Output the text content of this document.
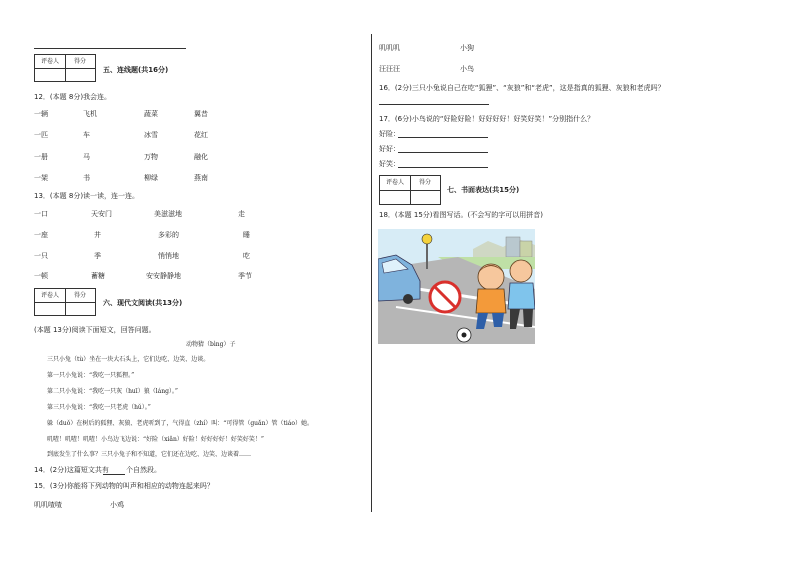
评卷人	得分
五、连线题(共16分)
12．(本题 8分)我会连。
一辆	飞机	蔬菜	翼昔
一匹	车	冰雪	花红
一册	马	万物	融化
一架	书	柳绿	燕南
13．(本题 8分)读一读，连一连。
一口	天安门	美滋滋地	走
一座	井	多彩的	睡
一只	季	悄悄地	吃
一顿	蓄糖	安安静静地	季节
评卷人	得分
六、现代文阅读(共13分)
(本题 13分)阅读下面短文，回答问题。
动物猜（bìng）子
三只小兔（tù）坐在一块大石头上，它们边吃、边笑、边谈。
第一只小兔说：“我吃一只狐狸。”
第二只小兔说：“我吃一只灰（huī）狼（láng）。”
第三只小兔说：“我吃一只老虎（hǔ）。”
躲（duǒ）在树后的狐狸、灰狼、老虎听到了，气得直（zhí）叫：“可得管（guǎn）管（tiáo）她。
叽喳！叽喳！叽喳！小鸟边飞边说：“好险（xiǎn）好险！好好好好！好笑好笑！”
到底发生了什么事？三只小兔子和不知道，它们还在边吃、边笑、边谈着……
14．(2分)这篇短文共有 个自然段。
15．(3分)你能将下列动物的叫声和相应的动物连起来吗？
叽叽喳喳	小鸡
叽叽叽	小狗
汪汪汪	小鸟
16．(2分)三只小兔说自己在吃“狐狸”、“灰狼”和“老虎”，这是指真的狐狸、灰狼和老虎吗？
17．(6分)小鸟说的“好险好险！好好好好！好笑好笑！”分别指什么？
好险：
好好：
好笑：
评卷人	得分
七、书面表达(共15分)
18．(本题 15分)看图写话。(不会写的字可以用拼音)
